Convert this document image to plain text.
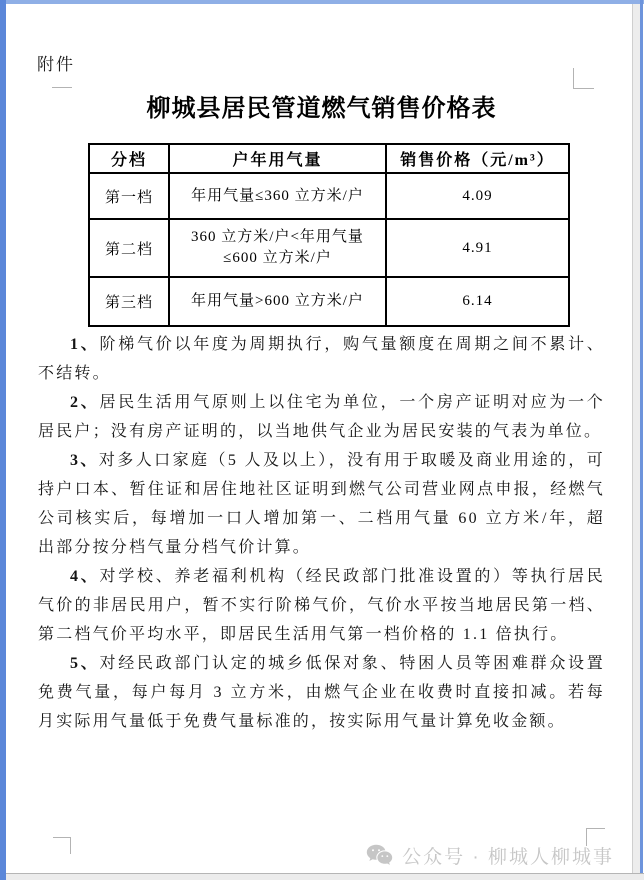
附件
柳城县居民管道燃气销售价格表
分档	户年用气量	销售价格（元/m³）
第一档	年用气量≤360 立方米/户	4.09
第二档	360 立方米/户<年用气量≤600 立方米/户	4.91
第三档	年用气量>600 立方米/户	6.14

1、阶梯气价以年度为周期执行，购气量额度在周期之间不累计、不结转。

2、居民生活用气原则上以住宅为单位，一个房产证明对应为一个居民户；没有房产证明的，以当地供气企业为居民安装的气表为单位。

3、对多人口家庭（5 人及以上），没有用于取暖及商业用途的，可持户口本、暂住证和居住地社区证明到燃气公司营业网点申报，经燃气公司核实后，每增加一口人增加第一、二档用气量 60 立方米/年，超出部分按分档气量分档气价计算。

4、对学校、养老福利机构（经民政部门批准设置的）等执行居民气价的非居民用户，暂不实行阶梯气价，气价水平按当地居民第一档、第二档气价平均水平，即居民生活用气第一档价格的 1.1 倍执行。

5、对经民政部门认定的城乡低保对象、特困人员等困难群众设置免费气量，每户每月 3 立方米，由燃气企业在收费时直接扣减。若每月实际用气量低于免费气量标准的，按实际用气量计算免收金额。

公众号 · 柳城人柳城事
